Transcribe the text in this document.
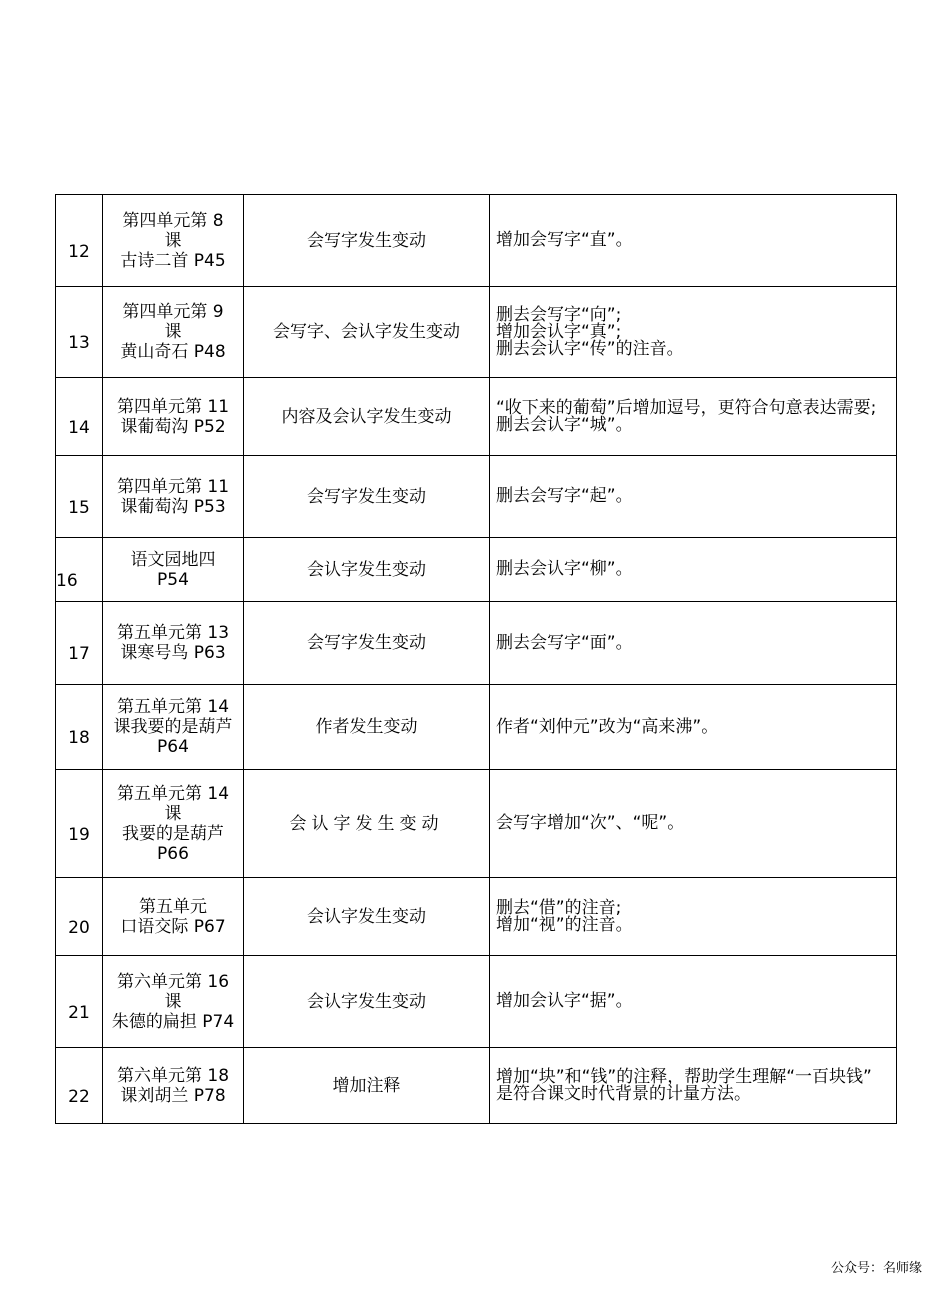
12	第四单元第 8
课
古诗二首 P45	会写字发生变动	增加会写字“直”。

13	第四单元第 9
课
黄山奇石 P48	会写字、会认字发生变动	删去会写字“向”;
增加会认字“真”;
删去会认字“传”的注音。

14	第四单元第 11
课葡萄沟 P52	内容及会认字发生变动	“收下来的葡萄”后增加逗号，更符合句意表达需要;
删去会认字“城”。

15	第四单元第 11
课葡萄沟 P53	会写字发生变动	删去会写字“起”。

16	语文园地四
P54	会认字发生变动	删去会认字“柳”。

17	第五单元第 13
课寒号鸟 P63	会写字发生变动	删去会写字“面”。

18	第五单元第 14
课我要的是葫芦
P64	作者发生变动	作者“刘仲元”改为“高来沸”。

19	第五单元第 14
课
我要的是葫芦
P66	会认字发生变动	会写字增加“次”、“呢”。

20	第五单元
口语交际 P67	会认字发生变动	删去“借”的注音;
增加“视”的注音。

21	第六单元第 16
课
朱德的扁担 P74	会认字发生变动	增加会认字“据”。

22	第六单元第 18
课刘胡兰 P78	增加注释	增加“块”和“钱”的注释，帮助学生理解“一百块钱”
是符合课文时代背景的计量方法。
公众号：名师缘
